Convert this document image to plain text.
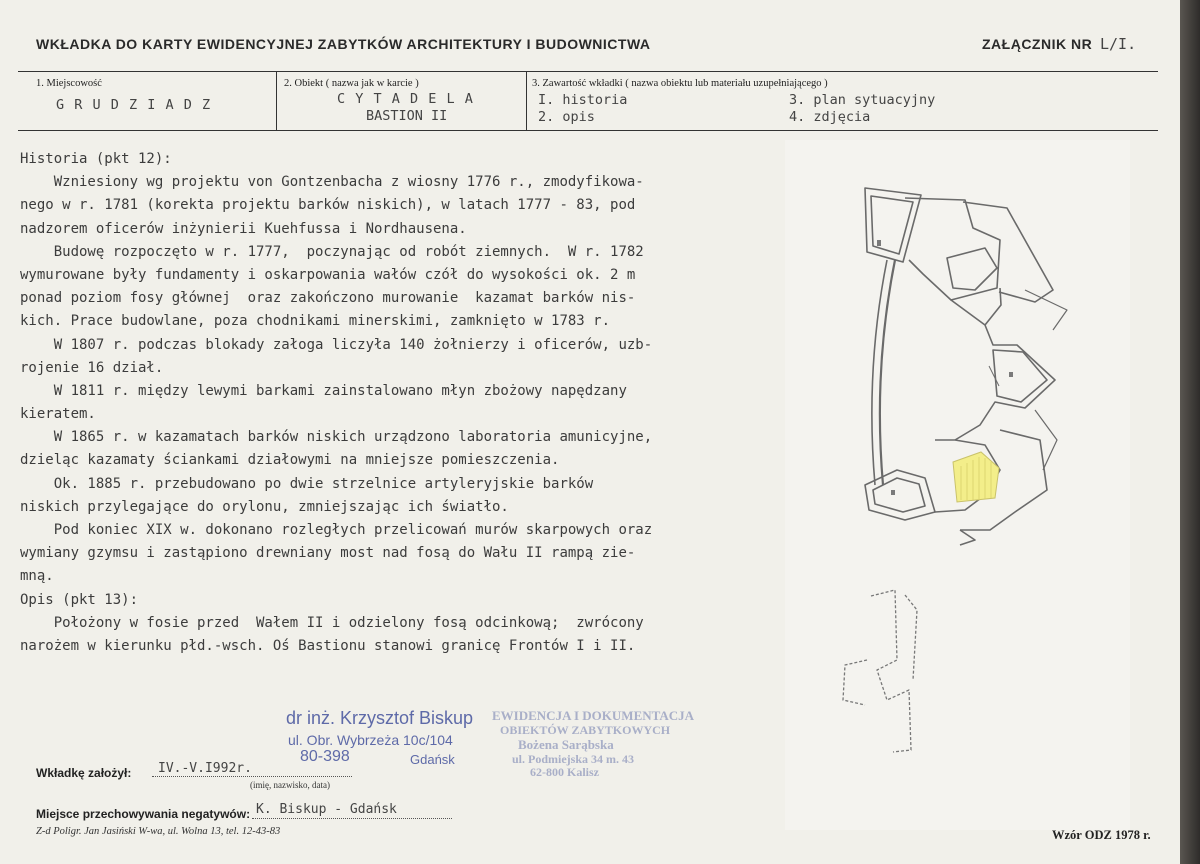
WKŁADKA DO KARTY EWIDENCYJNEJ ZABYTKÓW ARCHITEKTURY I BUDOWNICTWA	ZAŁĄCZNIK NR L/I.
1. Miejscowość
G R U D Z I A D Z
2. Obiekt ( nazwa jak w karcie )
C Y T A D E L A
BASTION II
3. Zawartość wkładki ( nazwa obiektu lub materiału uzupełniającego )
I. historia
2. opis
3. plan sytuacyjny
4. zdjęcia
Historia (pkt 12):
Wzniesiony wg projektu von Gontzenbacha z wiosny 1776 r., zmodyfikowa-
nego w r. 1781 (korekta projektu barków niskich), w latach 1777 - 83, pod
nadzorem oficerów inżynierii Kuehfussa i Nordhausena.
Budowę rozpoczęto w r. 1777,  poczynając od robót ziemnych.  W r. 1782
wymurowane były fundamenty i oskarpowania wałów czół do wysokości ok. 2 m
ponad poziom fosy głównej  oraz zakończono murowanie  kazamat barków nis-
kich. Prace budowlane, poza chodnikami minerskimi, zamknięto w 1783 r.
W 1807 r. podczas blokady załoga liczyła 140 żołnierzy i oficerów, uzb-
rojenie 16 dział.
W 1811 r. między lewymi barkami zainstalowano młyn zbożowy napędzany
kieratem.
W 1865 r. w kazamatach barków niskich urządzono laboratoria amunicyjne,
dzieląc kazamaty ściankami działowymi na mniejsze pomieszczenia.
Ok. 1885 r. przebudowano po dwie strzelnice artyleryjskie barków
niskich przylegające do orylonu, zmniejszając ich światło.
Pod koniec XIX w. dokonano rozległych przelicowań murów skarpowych oraz
wymiany gzymsu i zastąpiono drewniany most nad fosą do Wału II rampą zie-
mną.
Opis (pkt 13):
Położony w fosie przed  Wałem II i odzielony fosą odcinkową;  zwrócony
narożem w kierunku płd.-wsch. Oś Bastionu stanowi granicę Frontów I i II.
dr inż. Krzysztof Biskup
ul. Obr. Wybrzeża 10c/104
80-398	Gdańsk
EWIDENCJA I DOKUMENTACJA
OBIEKTÓW ZABYTKOWYCH
Bożena Sarąbska
ul. Podmiejska 34 m. 43
62-800 Kalisz
Wkładkę założył: IV.-V.I992r.
(imię, nazwisko, data)
Miejsce przechowywania negatywów: K. Biskup - Gdańsk
Z-d Poligr. Jan Jasiński W-wa, ul. Wolna 13, tel. 12-43-83	Wzór ODZ 1978 r.
